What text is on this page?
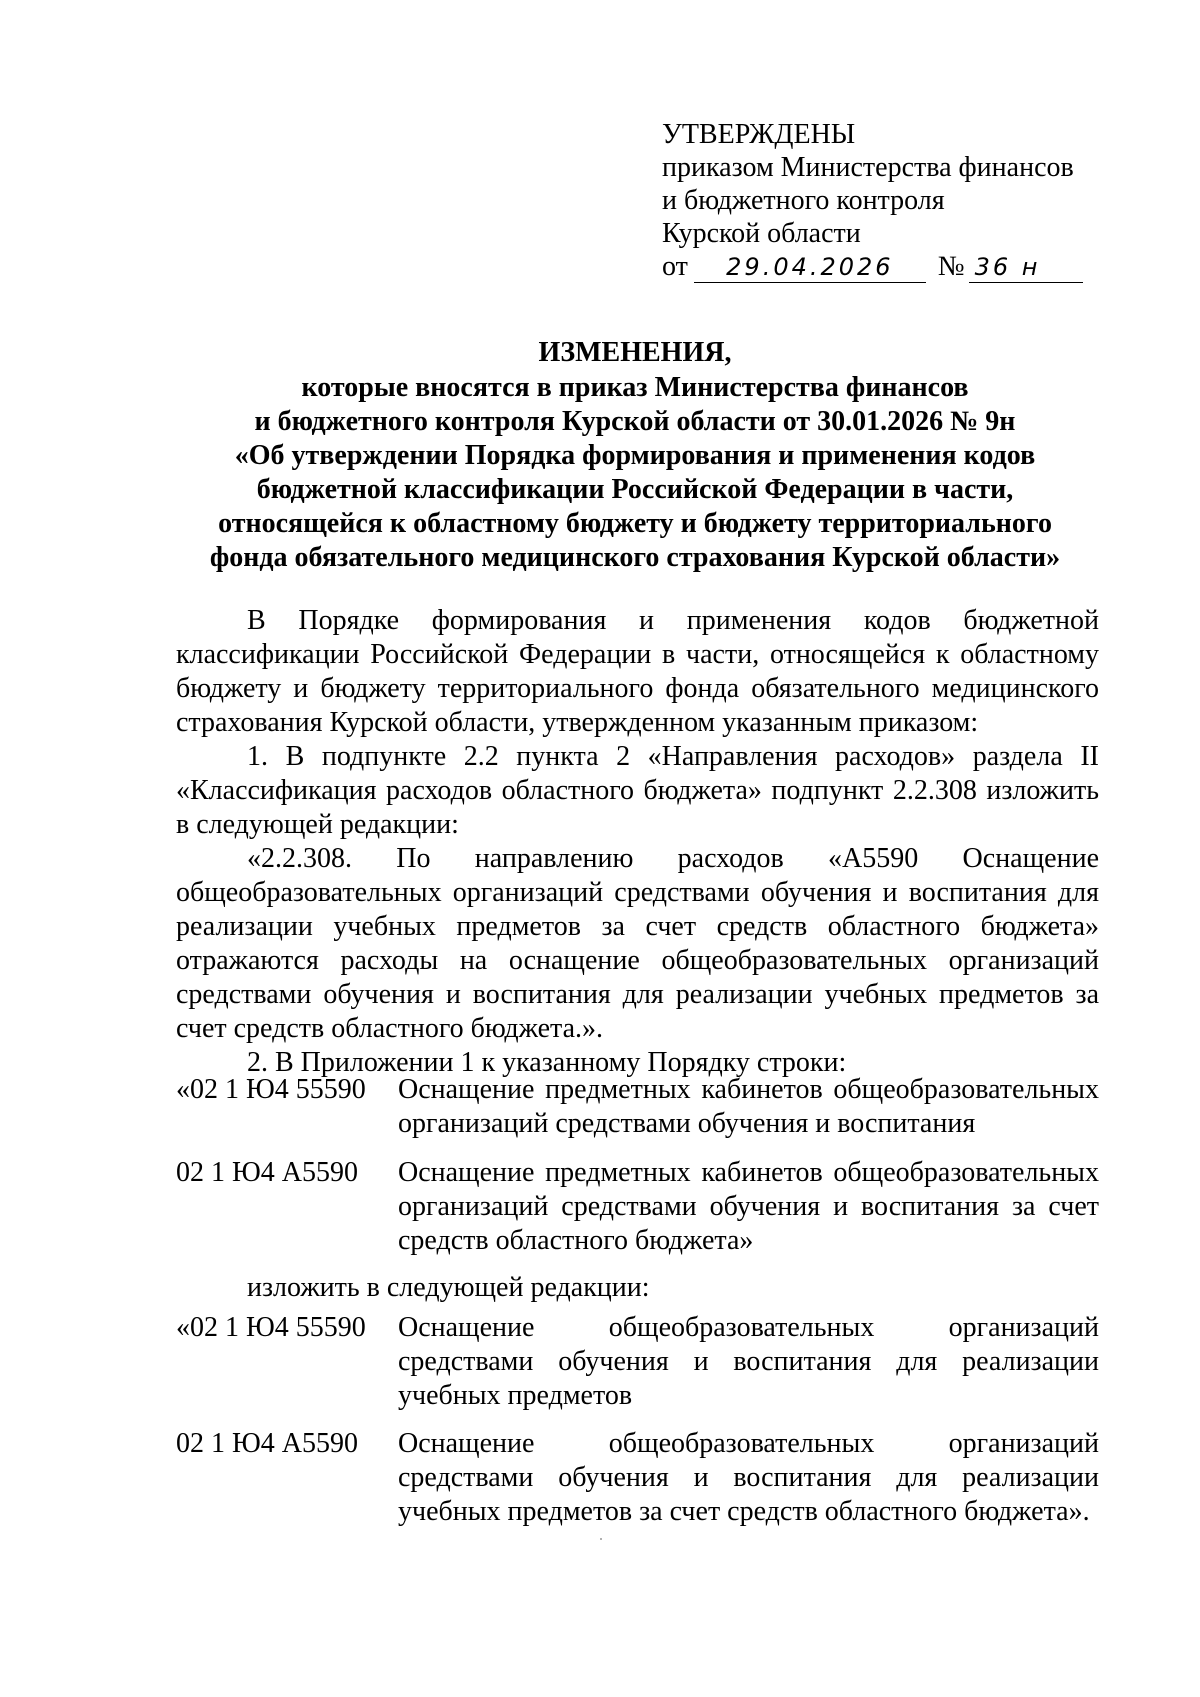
УТВЕРЖДЕНЫ
приказом Министерства финансов
и бюджетного контроля
Курской области
от	29.04.2026	№ 36 н
ИЗМЕНЕНИЯ,
которые вносятся в приказ Министерства финансов
и бюджетного контроля Курской области от 30.01.2026 № 9н
«Об утверждении Порядка формирования и применения кодов
бюджетной классификации Российской Федерации в части,
относящейся к областному бюджету и бюджету территориального
фонда обязательного медицинского страхования Курской области»
В Порядке формирования и применения кодов бюджетной классификации Российской Федерации в части, относящейся к областному бюджету и бюджету территориального фонда обязательного медицинского страхования Курской области, утвержденном указанным приказом:
1. В подпункте 2.2 пункта 2 «Направления расходов» раздела II «Классификация расходов областного бюджета» подпункт 2.2.308 изложить в следующей редакции:
«2.2.308. По направлению расходов «А5590 Оснащение общеобразовательных организаций средствами обучения и воспитания для реализации учебных предметов за счет средств областного бюджета» отражаются расходы на оснащение общеобразовательных организаций средствами обучения и воспитания для реализации учебных предметов за счет средств областного бюджета.».
2. В Приложении 1 к указанному Порядку строки:
«02 1 Ю4 55590	Оснащение предметных кабинетов общеобразовательных организаций средствами обучения и воспитания
02 1 Ю4 А5590	Оснащение предметных кабинетов общеобразовательных организаций средствами обучения и воспитания за счет средств областного бюджета»
изложить в следующей редакции:
«02 1 Ю4 55590	Оснащение общеобразовательных организаций средствами обучения и воспитания для реализации учебных предметов
02 1 Ю4 А5590	Оснащение общеобразовательных организаций средствами обучения и воспитания для реализации учебных предметов за счет средств областного бюджета».
